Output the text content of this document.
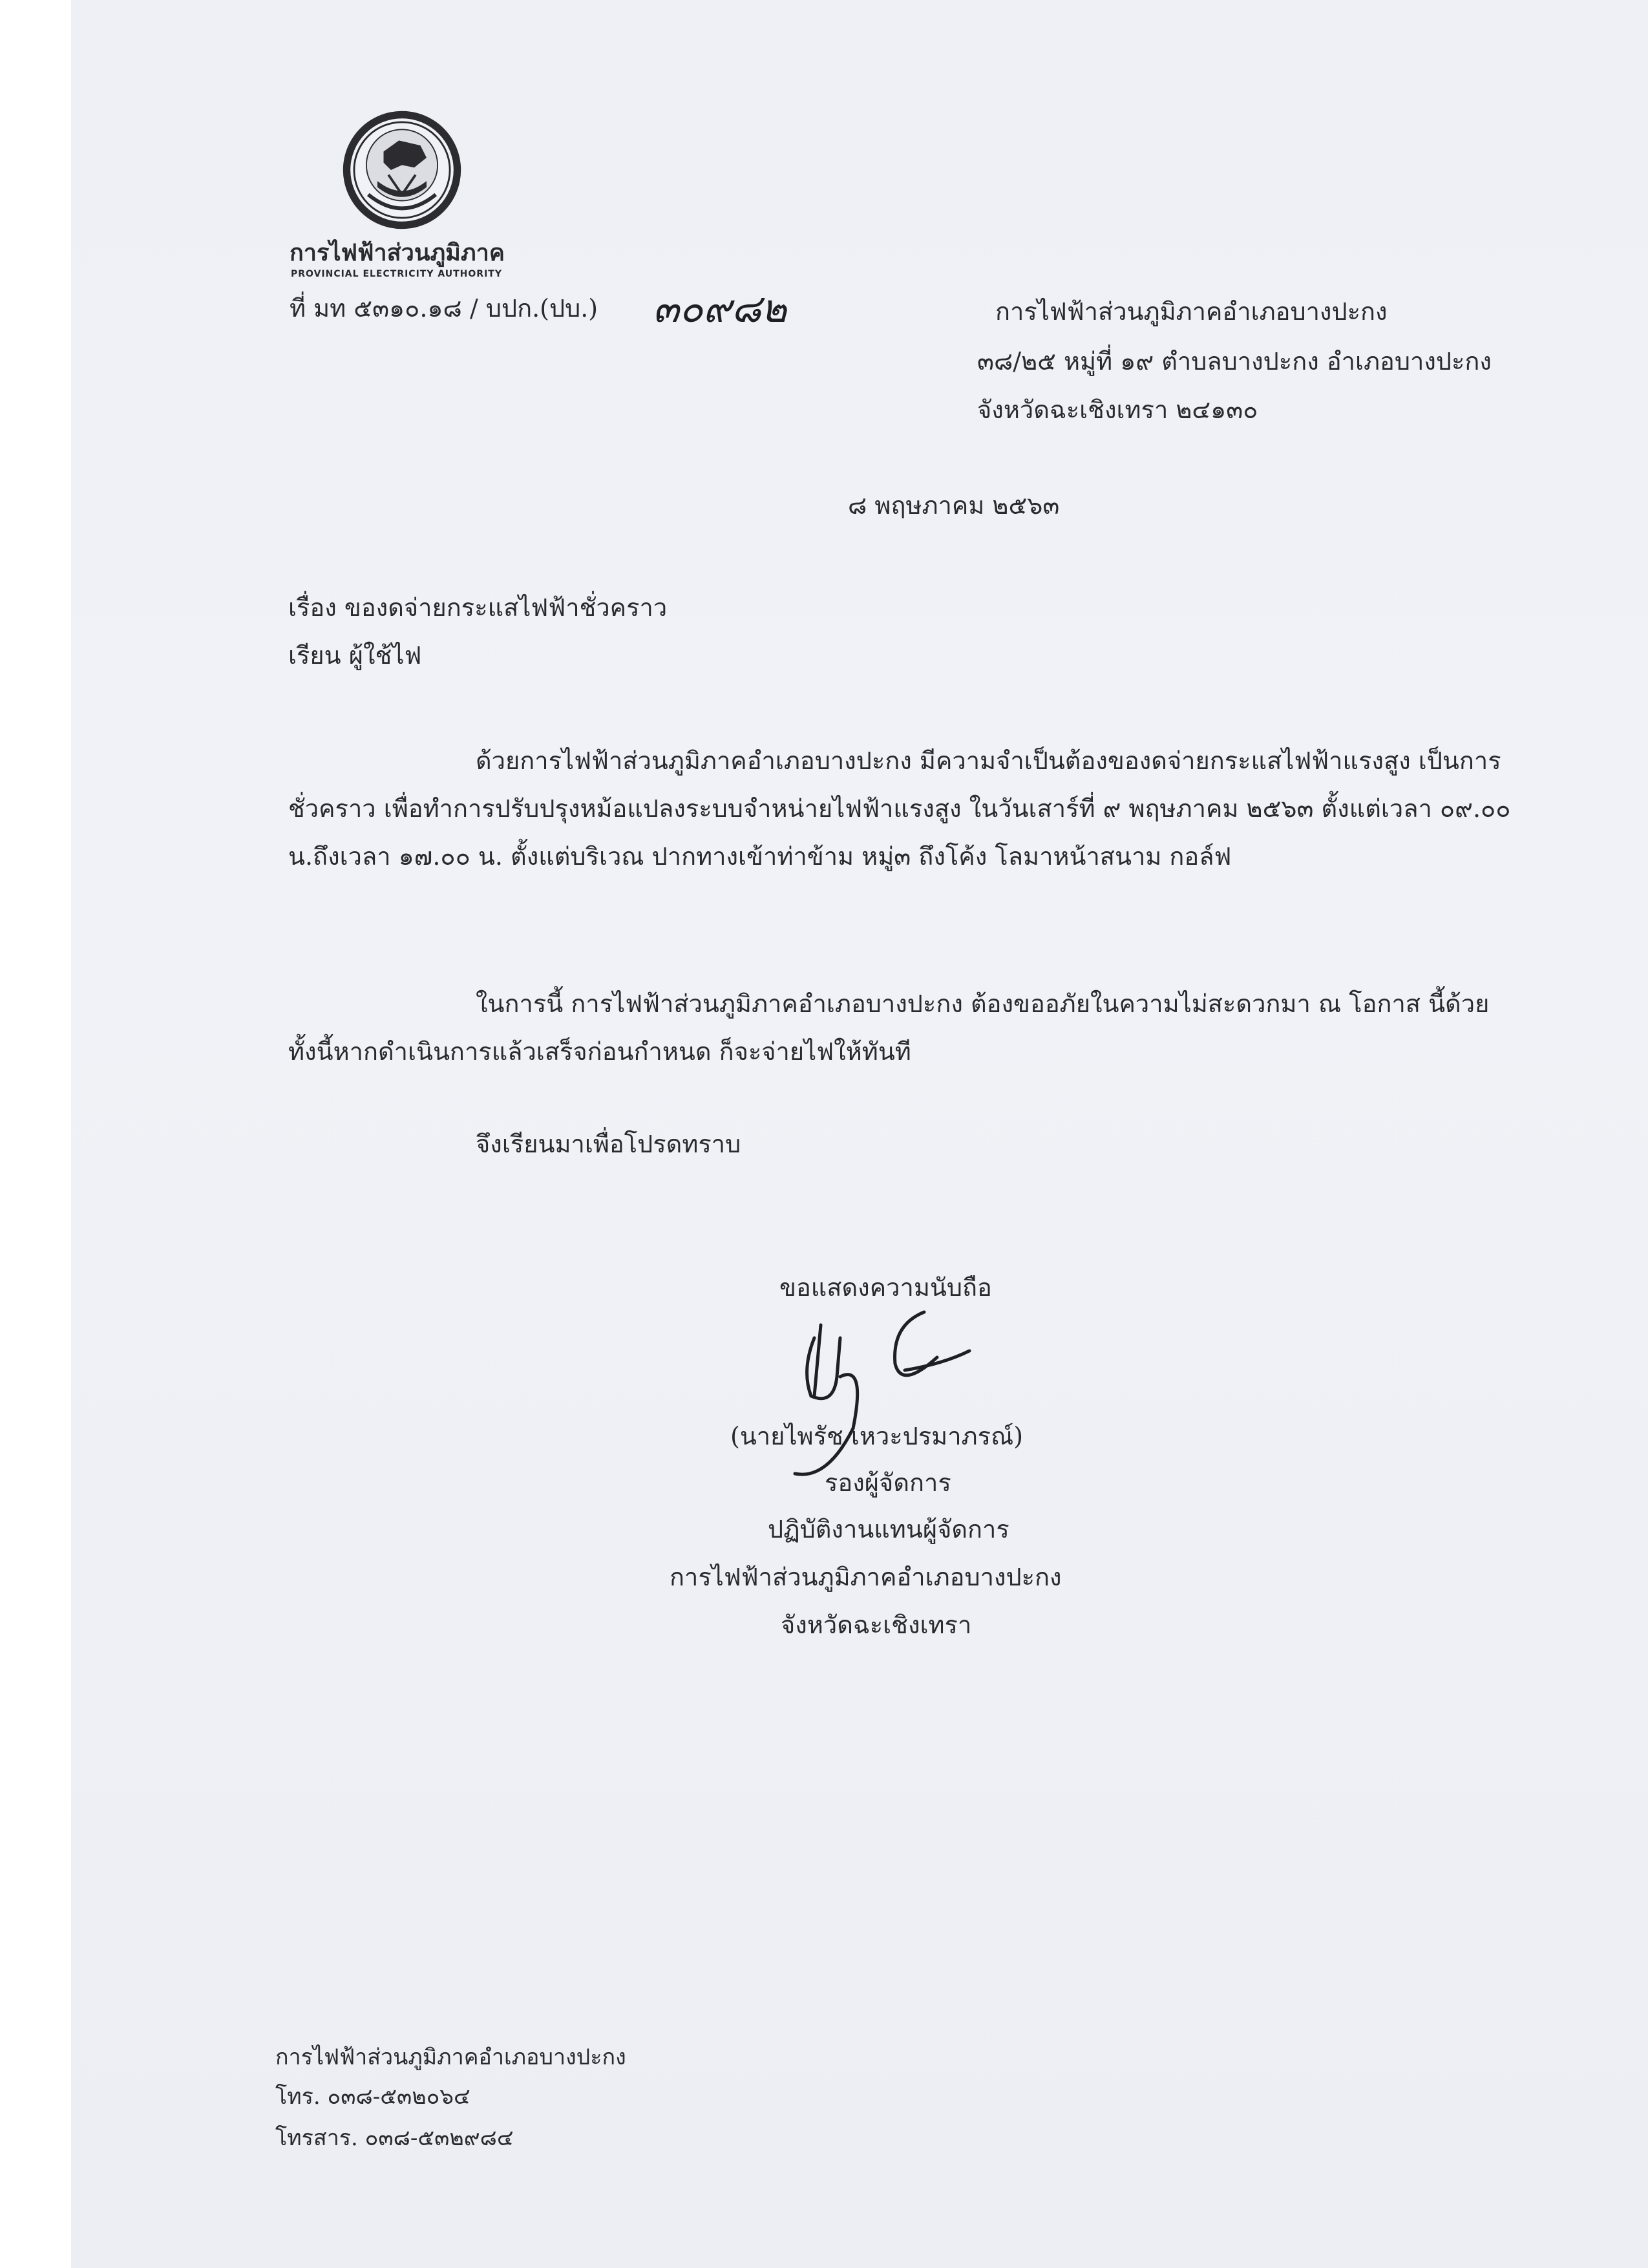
การไฟฟ้าส่วนภูมิภาค
PROVINCIAL ELECTRICITY AUTHORITY
ที่ มท ๕๓๑๐.๑๘ / บปก.(ปบ.) ๓๐๙๘๒	การไฟฟ้าส่วนภูมิภาคอำเภอบางปะกง
๓๘/๒๕ หมู่ที่ ๑๙ ตำบลบางปะกง อำเภอบางปะกง
จังหวัดฉะเชิงเทรา ๒๔๑๓๐
๘ พฤษภาคม ๒๕๖๓
เรื่อง ของดจ่ายกระแสไฟฟ้าชั่วคราว
เรียน ผู้ใช้ไฟ
ด้วยการไฟฟ้าส่วนภูมิภาคอำเภอบางปะกง มีความจำเป็นต้องของดจ่ายกระแสไฟฟ้าแรงสูง เป็นการชั่วคราว เพื่อทำการปรับปรุงหม้อแปลงระบบจำหน่ายไฟฟ้าแรงสูง ในวันเสาร์ที่ ๙ พฤษภาคม ๒๕๖๓ ตั้งแต่เวลา ๐๙.๐๐ น.ถึงเวลา ๑๗.๐๐ น. ตั้งแต่บริเวณ ปากทางเข้าท่าข้าม หมู่๓ ถึงโค้ง โลมาหน้าสนาม กอล์ฟ
ในการนี้ การไฟฟ้าส่วนภูมิภาคอำเภอบางปะกง ต้องขออภัยในความไม่สะดวกมา ณ โอกาส นี้ด้วย ทั้งนี้หากดำเนินการแล้วเสร็จก่อนกำหนด ก็จะจ่ายไฟให้ทันที
จึงเรียนมาเพื่อโปรดทราบ
ขอแสดงความนับถือ
(นายไพรัช เหวะปรมาภรณ์)
รองผู้จัดการ
ปฏิบัติงานแทนผู้จัดการ
การไฟฟ้าส่วนภูมิภาคอำเภอบางปะกง
จังหวัดฉะเชิงเทรา
การไฟฟ้าส่วนภูมิภาคอำเภอบางปะกง
โทร. ๐๓๘-๕๓๒๐๖๔
โทรสาร. ๐๓๘-๕๓๒๙๘๔
